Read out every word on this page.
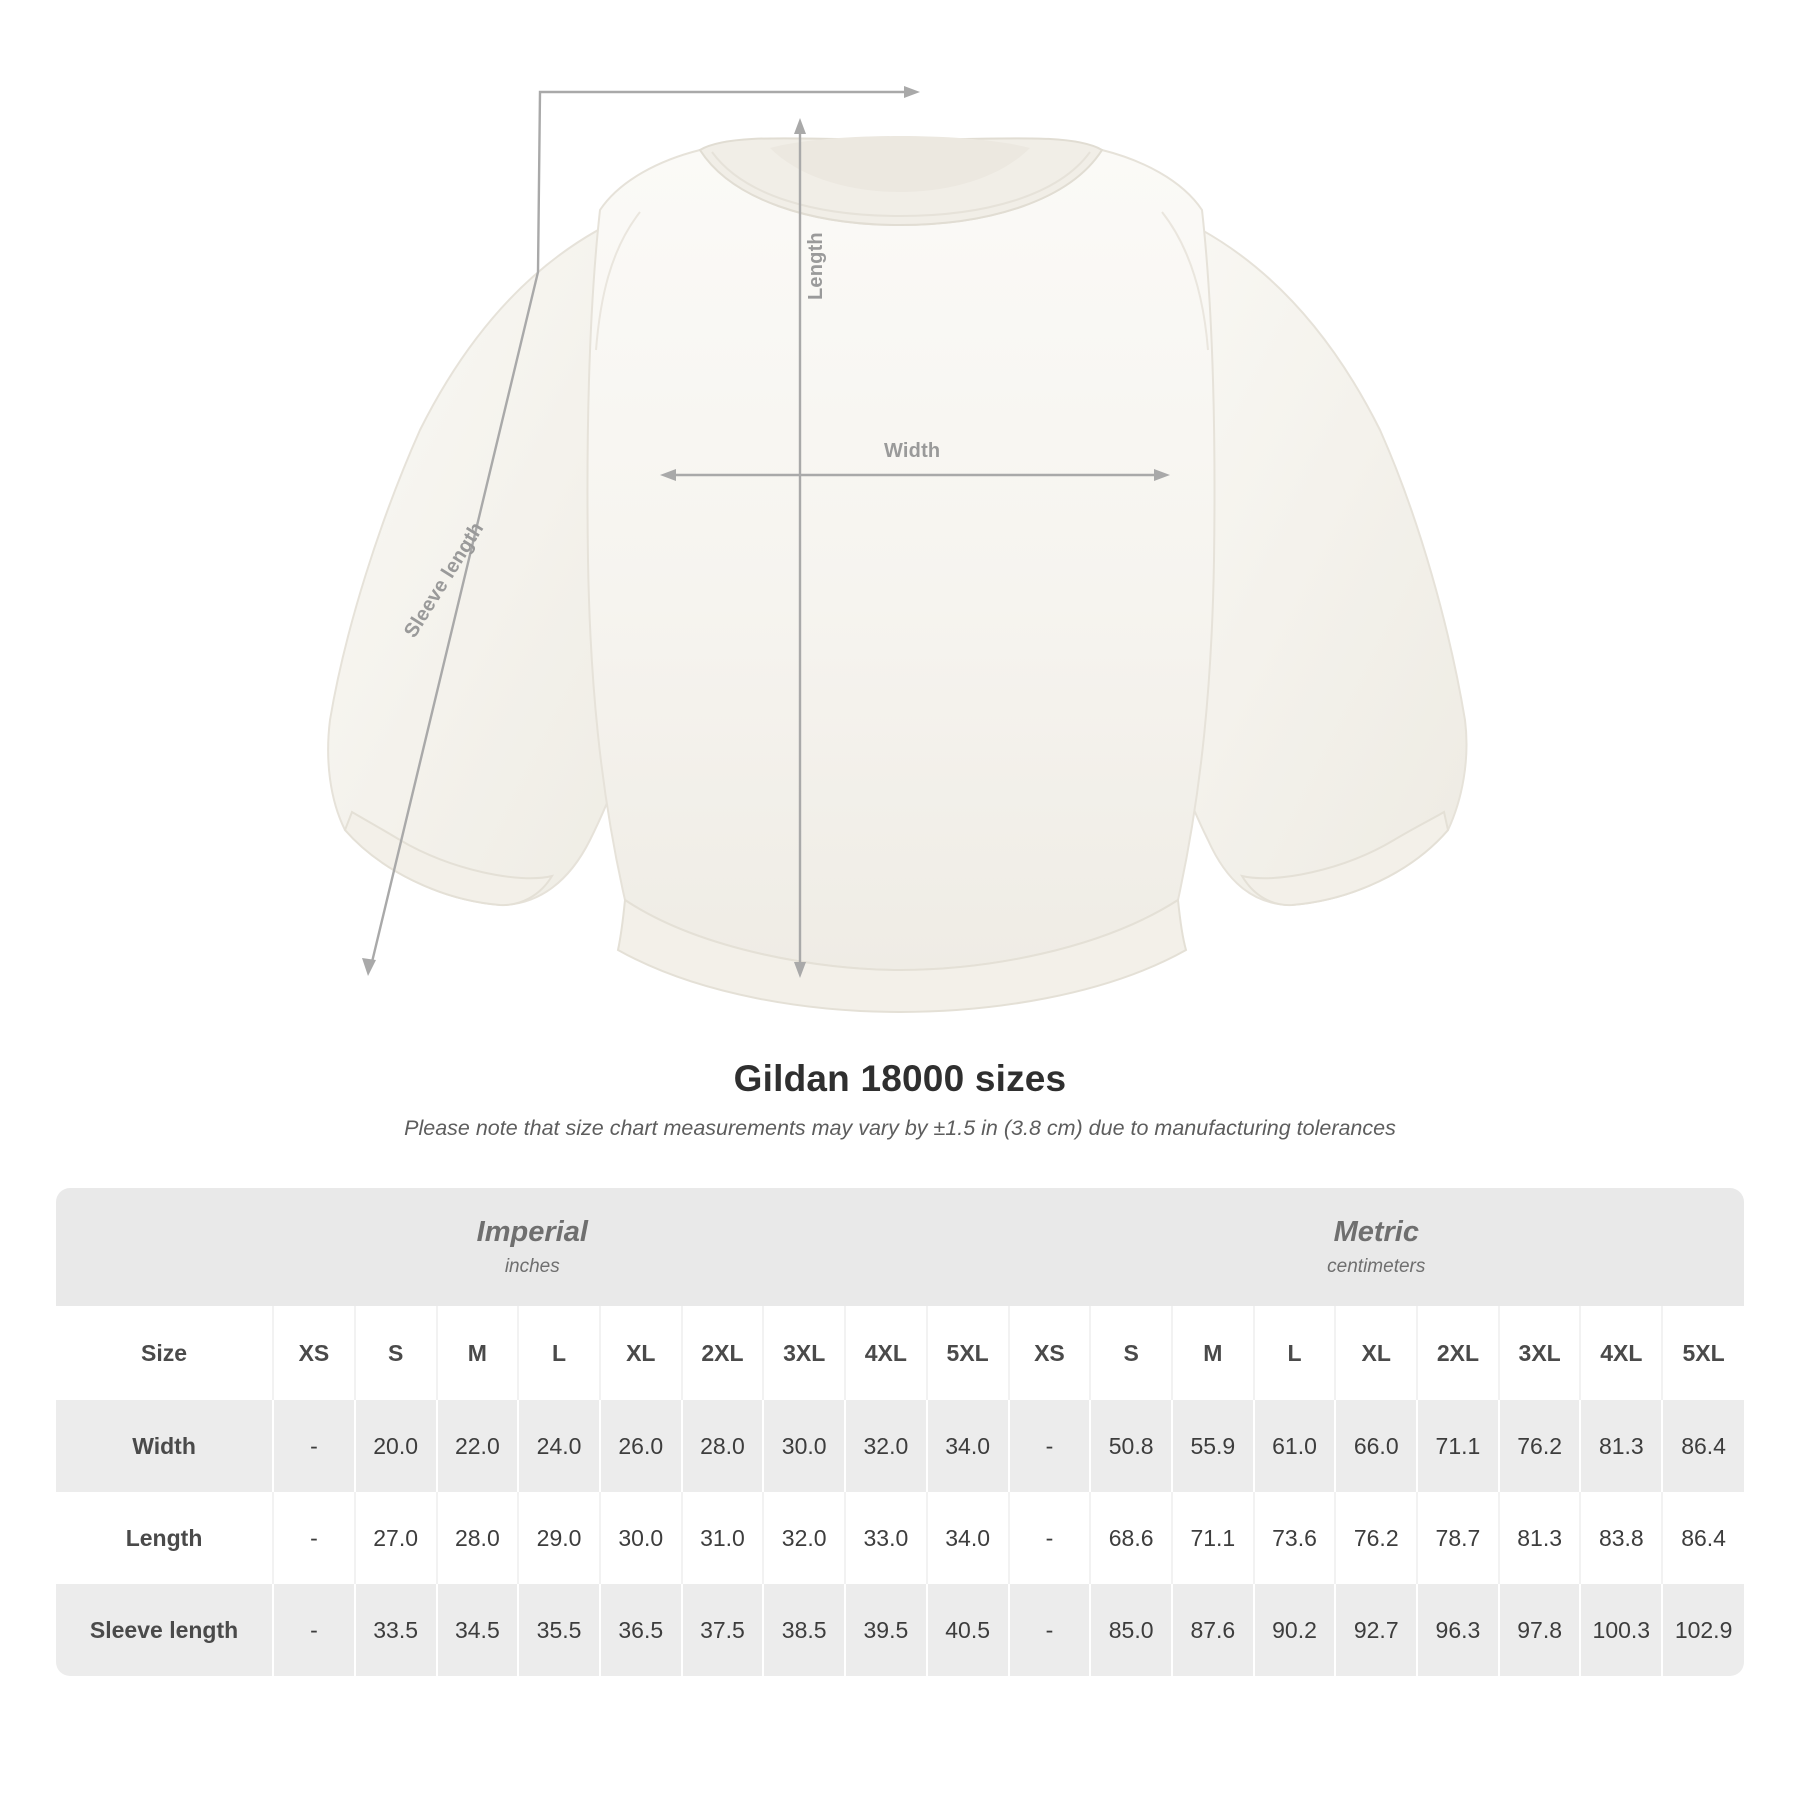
Length
Width
Sleeve length
Gildan 18000 sizes
Please note that size chart measurements may vary by ±1.5 in (3.8 cm) due to manufacturing tolerances
Imperial
inches

Metric
centimeters

Size	XS	S	M	L	XL	2XL	3XL	4XL	5XL	XS	S	M	L	XL	2XL	3XL	4XL	5XL
Width	-	20.0	22.0	24.0	26.0	28.0	30.0	32.0	34.0	-	50.8	55.9	61.0	66.0	71.1	76.2	81.3	86.4
Length	-	27.0	28.0	29.0	30.0	31.0	32.0	33.0	34.0	-	68.6	71.1	73.6	76.2	78.7	81.3	83.8	86.4
Sleeve length	-	33.5	34.5	35.5	36.5	37.5	38.5	39.5	40.5	-	85.0	87.6	90.2	92.7	96.3	97.8	100.3	102.9
